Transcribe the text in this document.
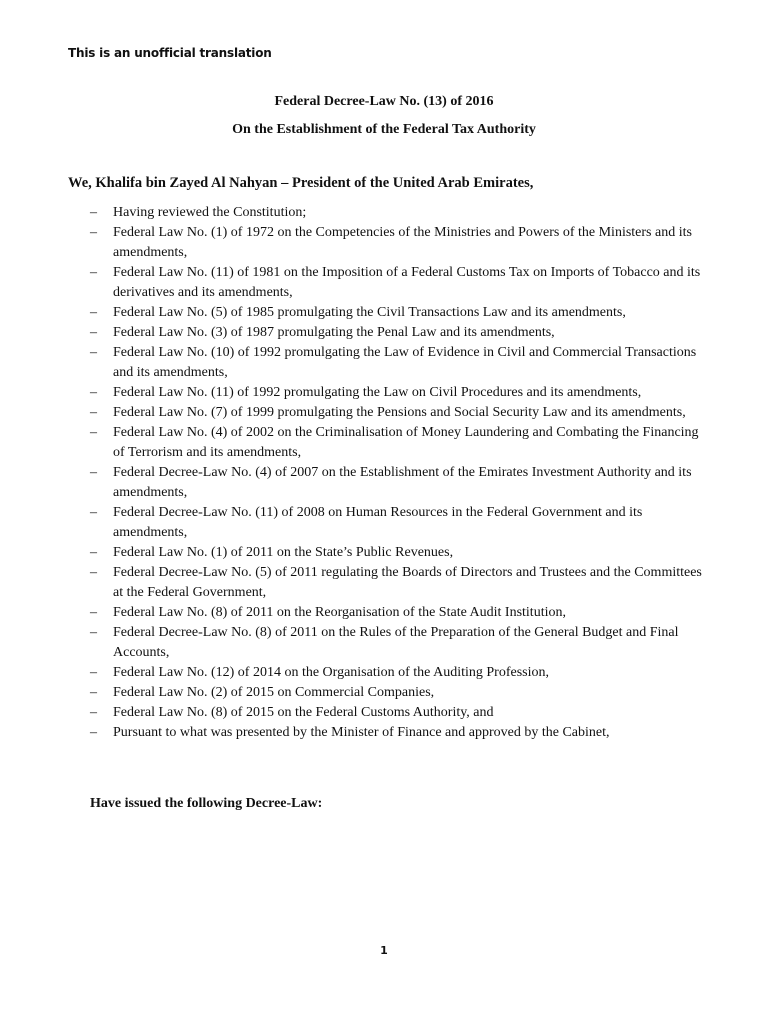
This is an unofficial translation
Federal Decree-Law No. (13) of 2016
On the Establishment of the Federal Tax Authority
We, Khalifa bin Zayed Al Nahyan – President of the United Arab Emirates,
– Having reviewed the Constitution;
– Federal Law No. (1) of 1972 on the Competencies of the Ministries and Powers of the Ministers and its amendments,
– Federal Law No. (11) of 1981 on the Imposition of a Federal Customs Tax on Imports of Tobacco and its derivatives and its amendments,
– Federal Law No. (5) of 1985 promulgating the Civil Transactions Law and its amendments,
– Federal Law No. (3) of 1987 promulgating the Penal Law and its amendments,
– Federal Law No. (10) of 1992 promulgating the Law of Evidence in Civil and Commercial Transactions and its amendments,
– Federal Law No. (11) of 1992 promulgating the Law on Civil Procedures and its amendments,
– Federal Law No. (7) of 1999 promulgating the Pensions and Social Security Law and its amendments,
– Federal Law No. (4) of 2002 on the Criminalisation of Money Laundering and Combating the Financing of Terrorism and its amendments,
– Federal Decree-Law No. (4) of 2007 on the Establishment of the Emirates Investment Authority and its amendments,
– Federal Decree-Law No. (11) of 2008 on Human Resources in the Federal Government and its amendments,
– Federal Law No. (1) of 2011 on the State’s Public Revenues,
– Federal Decree-Law No. (5) of 2011 regulating the Boards of Directors and Trustees and the Committees at the Federal Government,
– Federal Law No. (8) of 2011 on the Reorganisation of the State Audit Institution,
– Federal Decree-Law No. (8) of 2011 on the Rules of the Preparation of the General Budget and Final Accounts,
– Federal Law No. (12) of 2014 on the Organisation of the Auditing Profession,
– Federal Law No. (2) of 2015 on Commercial Companies,
– Federal Law No. (8) of 2015 on the Federal Customs Authority, and
– Pursuant to what was presented by the Minister of Finance and approved by the Cabinet,
Have issued the following Decree-Law:
1
